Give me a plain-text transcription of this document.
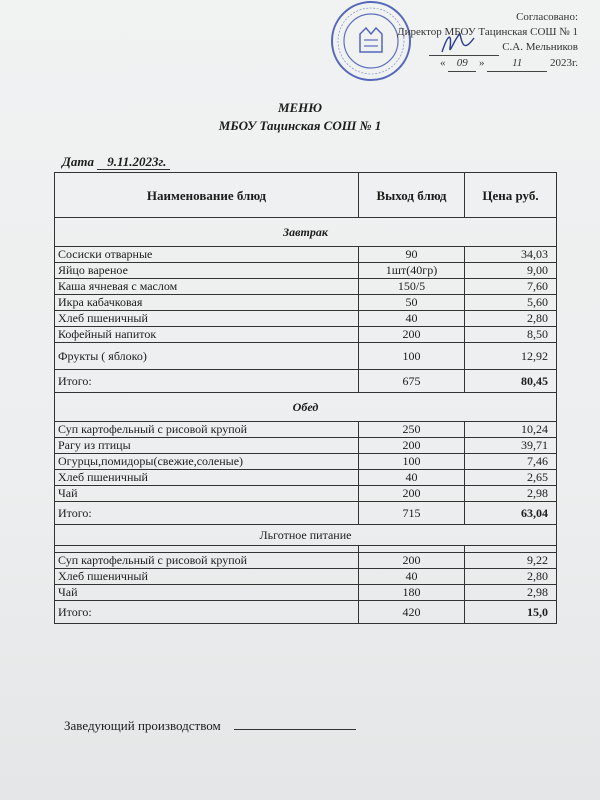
Согласовано:
Директор МБОУ Тацинская СОШ № 1
С.А. Мельников
« 09 »	11	2023г.
МЕНЮ
МБОУ Тацинская СОШ № 1
Дата 9.11.2023г.
Наименование блюд	Выход блюд	Цена руб.
Завтрак		
Сосиски отварные	90	34,03
Яйцо вареное	1шт(40гр)	9,00
Каша ячневая с маслом	150/5	7,60
Икра кабачковая	50	5,60
Хлеб пшеничный	40	2,80
Кофейный напиток	200	8,50
Фрукты ( яблоко)	100	12,92
Итого:	675	80,45
Обед		
Суп картофельный с рисовой крупой	250	10,24
Рагу из птицы	200	39,71
Огурцы,помидоры(свежие,соленые)	100	7,46
Хлеб пшеничный	40	2,65
Чай	200	2,98
Итого:	715	63,04
Льготное питание		

Суп картофельный с рисовой крупой	200	9,22
Хлеб пшеничный	40	2,80
Чай	180	2,98
Итого:	420	15,0
Заведующий производством
